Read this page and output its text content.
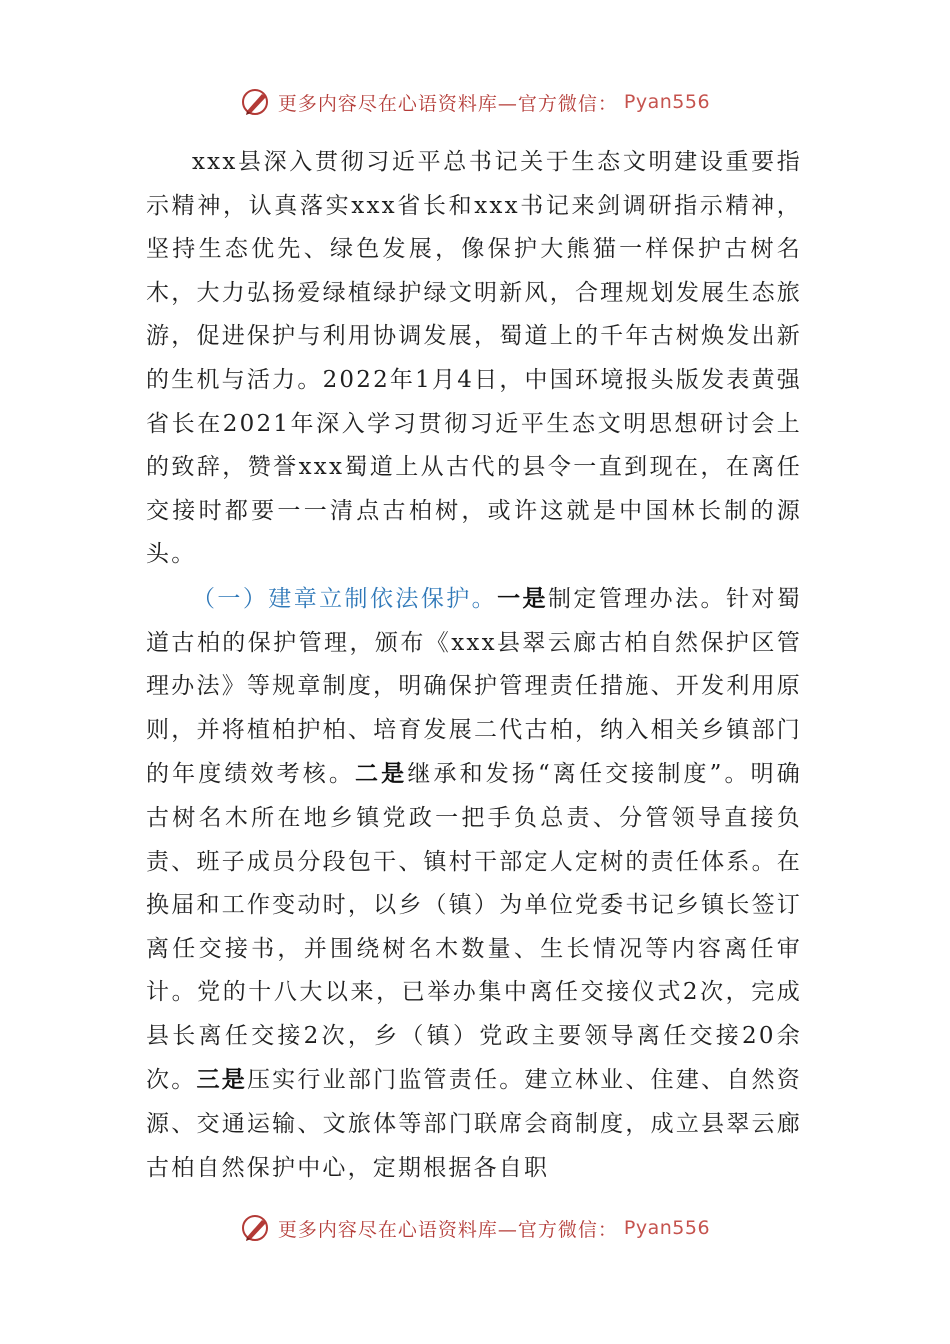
更多内容尽在心语资料库—官方微信： Pyan556

xxx县深入贯彻习近平总书记关于生态文明建设重要指示精神，认真落实xxx省长和xxx书记来剑调研指示精神，坚持生态优先、绿色发展，像保护大熊猫一样保护古树名木，大力弘扬爱绿植绿护绿文明新风，合理规划发展生态旅游，促进保护与利用协调发展，蜀道上的千年古树焕发出新的生机与活力。2022年1月4日，中国环境报头版发表黄强省长在2021年深入学习贯彻习近平生态文明思想研讨会上的致辞，赞誉xxx蜀道上从古代的县令一直到现在，在离任交接时都要一一清点古柏树，或许这就是中国林长制的源头。

（一）建章立制依法保护。一是制定管理办法。针对蜀道古柏的保护管理，颁布《xxx县翠云廊古柏自然保护区管理办法》等规章制度，明确保护管理责任措施、开发利用原则，并将植柏护柏、培育发展二代古柏，纳入相关乡镇部门的年度绩效考核。二是继承和发扬“离任交接制度”。明确古树名木所在地乡镇党政一把手负总责、分管领导直接负责、班子成员分段包干、镇村干部定人定树的责任体系。在换届和工作变动时，以乡（镇）为单位党委书记乡镇长签订离任交接书，并围绕树名木数量、生长情况等内容离任审计。党的十八大以来，已举办集中离任交接仪式2次，完成县长离任交接2次，乡（镇）党政主要领导离任交接20余次。三是压实行业部门监管责任。建立林业、住建、自然资源、交通运输、文旅体等部门联席会商制度，成立县翠云廊古柏自然保护中心，定期根据各自职

更多内容尽在心语资料库—官方微信： Pyan556
